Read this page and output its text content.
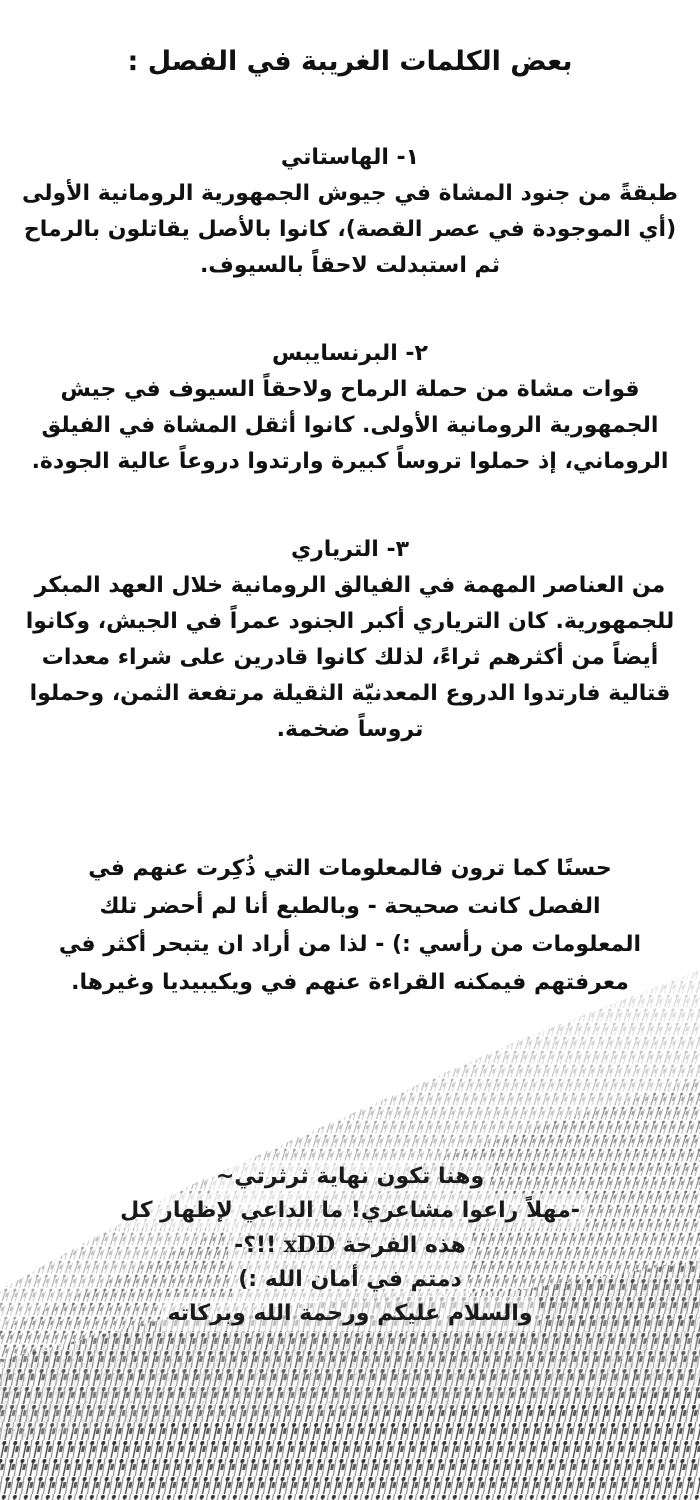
بعض الكلمات الغريبة في الفصل :
١- الهاستاتي
طبقةً من جنود المشاة في جيوش الجمهورية الرومانية الأولى (أي الموجودة في عصر القصة)، كانوا بالأصل يقاتلون بالرماح ثم استبدلت لاحقاً بالسيوف.
٢- البرنسايبس
قوات مشاة من حملة الرماح ولاحقاً السيوف في جيش الجمهورية الرومانية الأولى. كانوا أثقل المشاة في الفيلق الروماني، إذ حملوا تروساً كبيرة وارتدوا دروعاً عالية الجودة.
٣- الترياري
من العناصر المهمة في الفيالق الرومانية خلال العهد المبكر للجمهورية. كان الترياري أكبر الجنود عمراً في الجيش، وكانوا أيضاً من أكثرهم ثراءً، لذلك كانوا قادرين على شراء معدات قتالية فارتدوا الدروع المعدنيّة الثقيلة مرتفعة الثمن، وحملوا تروساً ضخمة.
حسنًا كما ترون فالمعلومات التي ذُكِرت عنهم في الفصل كانت صحيحة - وبالطبع أنا لم أحضر تلك المعلومات من رأسي :) - لذا من أراد ان يتبحر أكثر في معرفتهم فيمكنه القراءة عنهم في ويكيبيديا وغيرها.
وهنا تكون نهاية ثرثرتي~
-مهلاً راعوا مشاعري! ما الداعي لإظهار كل
هذه الفرحة xDD !!؟-
دمتم في أمان الله :)
والسلام عليكم ورحمة الله وبركاته
